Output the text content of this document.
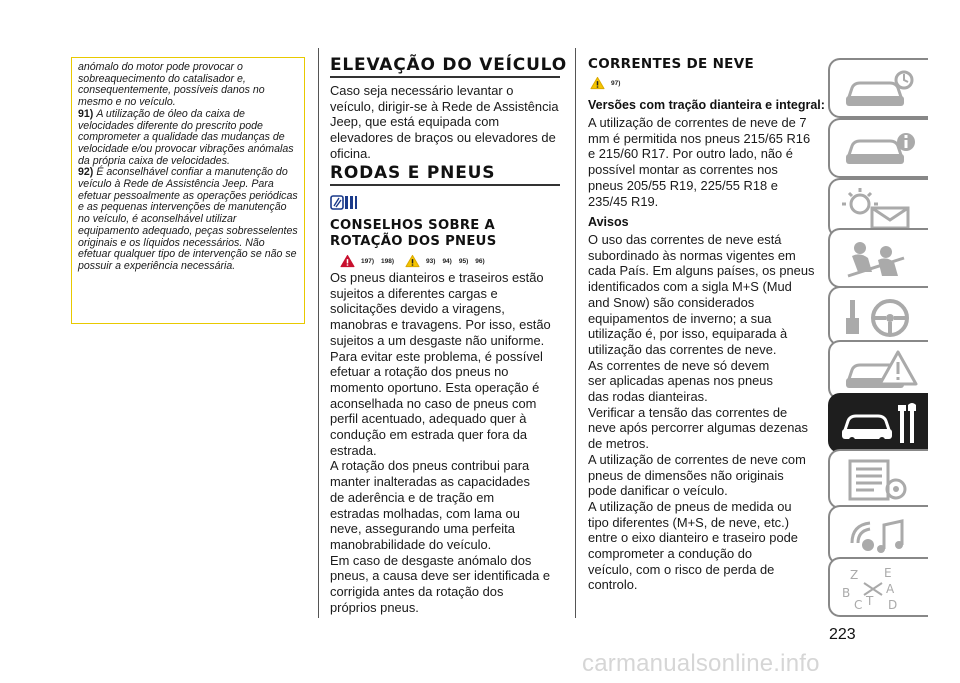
anómalo do motor pode provocar o sobreaquecimento do catalisador e, consequentemente, possíveis danos no mesmo e no veículo.

91) A utilização de óleo da caixa de velocidades diferente do prescrito pode comprometer a qualidade das mudanças de velocidade e/ou provocar vibrações anómalas da própria caixa de velocidades.

92) É aconselhável confiar a manutenção do veículo à Rede de Assistência Jeep. Para efetuar pessoalmente as operações periódicas e as pequenas intervenções de manutenção no veículo, é aconselhável utilizar equipamento adequado, peças sobresselentes originais e os líquidos necessários. Não efetuar qualquer tipo de intervenção se não se possuir a experiência necessária.

ELEVAÇÃO DO VEÍCULO

Caso seja necessário levantar o veículo, dirigir-se à Rede de Assistência Jeep, que está equipada com elevadores de braços ou elevadores de oficina.

RODAS E PNEUS
CONSELHOS SOBRE A ROTAÇÃO DOS PNEUS
197) 198)	93) 94) 95) 96)

Os pneus dianteiros e traseiros estão sujeitos a diferentes cargas e solicitações devido a viragens, manobras e travagens. Por isso, estão sujeitos a um desgaste não uniforme.

Para evitar este problema, é possível efetuar a rotação dos pneus no momento oportuno. Esta operação é aconselhada no caso de pneus com perfil acentuado, adequado quer à condução em estrada quer fora da estrada.

A rotação dos pneus contribui para manter inalteradas as capacidades de aderência e de tração em estradas molhadas, com lama ou neve, assegurando uma perfeita manobrabilidade do veículo.

Em caso de desgaste anómalo dos pneus, a causa deve ser identificada e corrigida antes da rotação dos próprios pneus.

CORRENTES DE NEVE
97)
Versões com tração dianteira e integral:

A utilização de correntes de neve de 7 mm é permitida nos pneus 215/65 R16 e 215/60 R17. Por outro lado, não é possível montar as correntes nos pneus 205/55 R19, 225/55 R18 e 235/45 R19.

Avisos

O uso das correntes de neve está subordinado às normas vigentes em cada País. Em alguns países, os pneus identificados com a sigla M+S (Mud and Snow) são considerados equipamentos de inverno; a sua utilização é, por isso, equiparada à utilização das correntes de neve.

As correntes de neve só devem ser aplicadas apenas nos pneus das rodas dianteiras.

Verificar a tensão das correntes de neve após percorrer algumas dezenas de metros.

A utilização de correntes de neve com pneus de dimensões não originais pode danificar o veículo.

A utilização de pneus de medida ou tipo diferentes (M+S, de neve, etc.) entre o eixo dianteiro e traseiro pode comprometer a condução do veículo, com o risco de perda de controlo.

Z E
B	A
C T D
223
carmanualsonline.info
